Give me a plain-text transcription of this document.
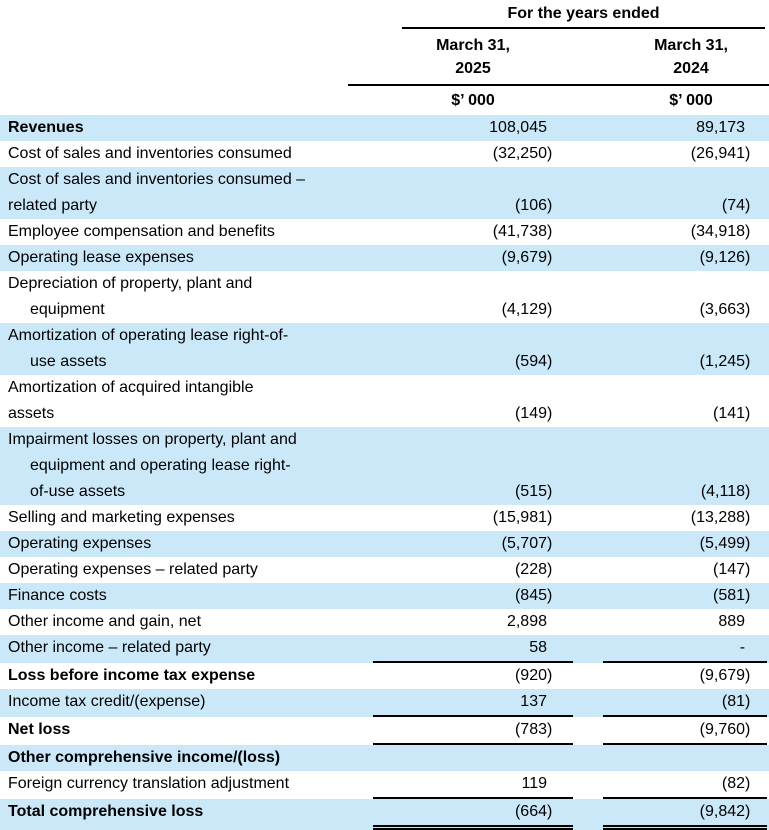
	For the years ended	

March 31,
2025

March 31,
2024

	$’ 000	$’ 000

Revenues	108,045	89,173

Cost of sales and inventories consumed	(32,250)	(26,941)

Cost of sales and inventories consumed –
related party	(106)	(74)

Employee compensation and benefits	(41,738)	(34,918)

Operating lease expenses	(9,679)	(9,126)

Depreciation of property, plant and
equipment	(4,129)	(3,663)

Amortization of operating lease right-of-
use assets	(594)	(1,245)

Amortization of acquired intangible
assets	(149)	(141)

Impairment losses on property, plant and
equipment and operating lease right-
of-use assets	(515)	(4,118)

Selling and marketing expenses	(15,981)	(13,288)

Operating expenses	(5,707)	(5,499)

Operating expenses – related party	(228)	(147)

Finance costs	(845)	(581)

Other income and gain, net	2,898	889

Other income – related party	58	-

Loss before income tax expense	(920)	(9,679)

Income tax credit/(expense)	137	(81)

Net loss	(783)	(9,760)

Other comprehensive income/(loss)		

Foreign currency translation adjustment	119	(82)

Total comprehensive loss	(664)	(9,842)
